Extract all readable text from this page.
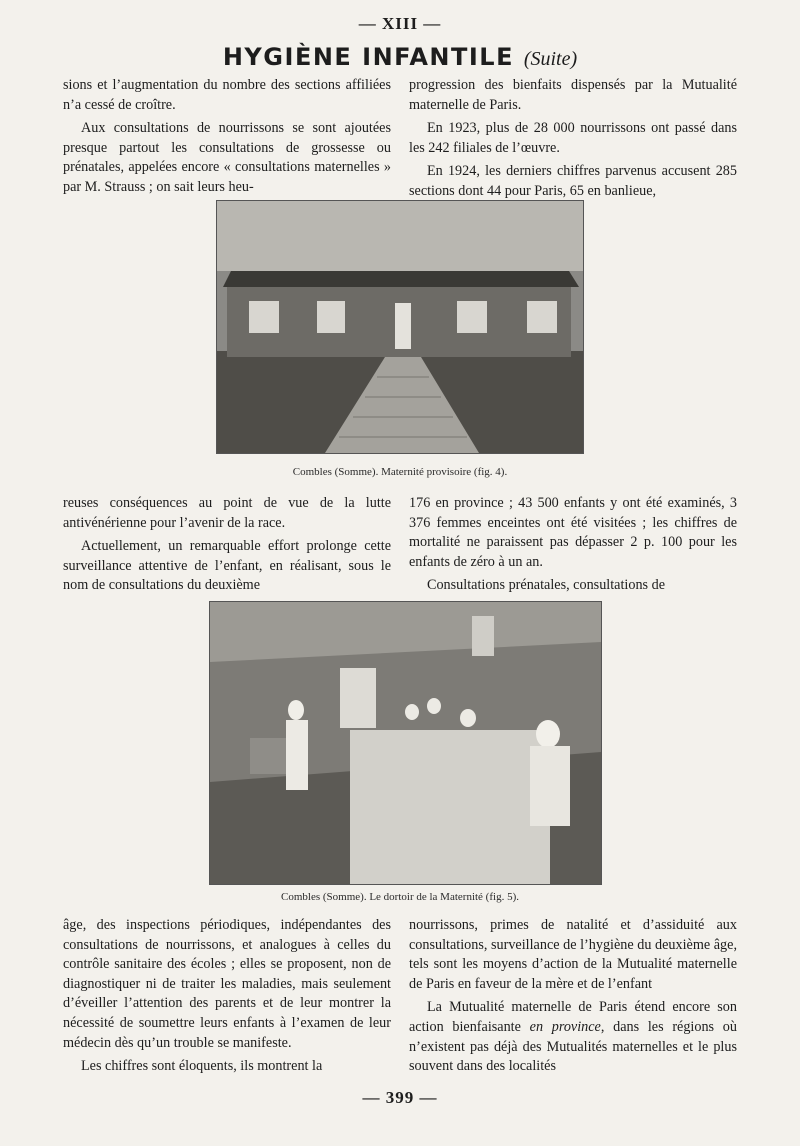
— XIII —
HYGIÈNE INFANTILE (Suite)

sions et l’augmentation du nombre des sections affiliées n’a cessé de croître.

Aux consultations de nourrissons se sont ajoutées presque partout les consultations de grossesse ou prénatales, appelées encore « consultations maternelles » par M. Strauss ; on sait leurs heu-

progression des bienfaits dispensés par la Mutualité maternelle de Paris.

En 1923, plus de 28 000 nourrissons ont passé dans les 242 filiales de l’œuvre.

En 1924, les derniers chiffres parvenus accusent 285 sections dont 44 pour Paris, 65 en banlieue,

Combles (Somme). Maternité provisoire (fig. 4).

reuses conséquences au point de vue de la lutte antivénérienne pour l’avenir de la race.

Actuellement, un remarquable effort prolonge cette surveillance attentive de l’enfant, en réalisant, sous le nom de consultations du deuxième

176 en province ; 43 500 enfants y ont été examinés, 3 376 femmes enceintes ont été visitées ; les chiffres de mortalité ne paraissent pas dépasser 2 p. 100 pour les enfants de zéro à un an.

Consultations prénatales, consultations de

Combles (Somme). Le dortoir de la Maternité (fig. 5).

âge, des inspections périodiques, indépendantes des consultations de nourrissons, et analogues à celles du contrôle sanitaire des écoles ; elles se proposent, non de diagnostiquer ni de traiter les maladies, mais seulement d’éveiller l’attention des parents et de leur montrer la nécessité de soumettre leurs enfants à l’examen de leur médecin dès qu’un trouble se manifeste.

Les chiffres sont éloquents, ils montrent la

nourrissons, primes de natalité et d’assiduité aux consultations, surveillance de l’hygiène du deuxième âge, tels sont les moyens d’action de la Mutualité maternelle de Paris en faveur de la mère et de l’enfant

La Mutualité maternelle de Paris étend encore son action bienfaisante en province, dans les régions où n’existent pas déjà des Mutualités maternelles et le plus souvent dans des localités

— 399 —
